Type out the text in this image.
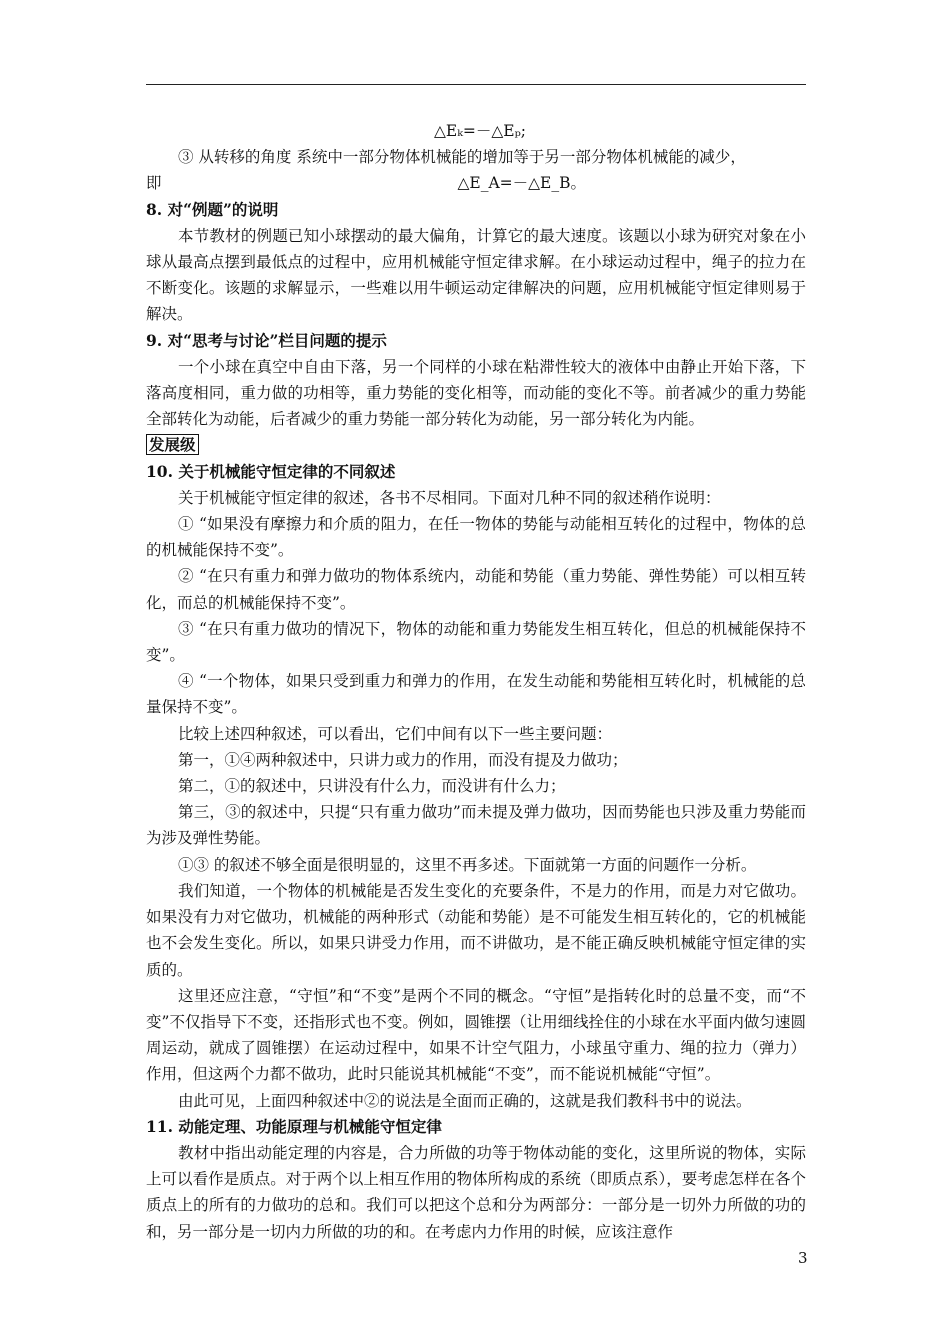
△Eₖ=－△Eₚ;

③ 从转移的角度 系统中一部分物体机械能的增加等于另一部分物体机械能的减少，

即	△E_A=－△E_B。

8. 对“例题”的说明

本节教材的例题已知小球摆动的最大偏角，计算它的最大速度。该题以小球为研究对象在小球从最高点摆到最低点的过程中，应用机械能守恒定律求解。在小球运动过程中，绳子的拉力在不断变化。该题的求解显示，一些难以用牛顿运动定律解决的问题，应用机械能守恒定律则易于解决。

9. 对“思考与讨论”栏目问题的提示

一个小球在真空中自由下落，另一个同样的小球在粘滞性较大的液体中由静止开始下落，下落高度相同，重力做的功相等，重力势能的变化相等，而动能的变化不等。前者减少的重力势能全部转化为动能，后者减少的重力势能一部分转化为动能，另一部分转化为内能。

发展级

10. 关于机械能守恒定律的不同叙述

关于机械能守恒定律的叙述，各书不尽相同。下面对几种不同的叙述稍作说明：

① “如果没有摩擦力和介质的阻力，在任一物体的势能与动能相互转化的过程中，物体的总的机械能保持不变”。

② “在只有重力和弹力做功的物体系统内，动能和势能（重力势能、弹性势能）可以相互转化，而总的机械能保持不变”。

③ “在只有重力做功的情况下，物体的动能和重力势能发生相互转化，但总的机械能保持不变”。

④ “一个物体，如果只受到重力和弹力的作用，在发生动能和势能相互转化时，机械能的总量保持不变”。

比较上述四种叙述，可以看出，它们中间有以下一些主要问题：

第一，①④两种叙述中，只讲力或力的作用，而没有提及力做功；

第二，①的叙述中，只讲没有什么力，而没讲有什么力；

第三，③的叙述中，只提“只有重力做功”而未提及弹力做功，因而势能也只涉及重力势能而为涉及弹性势能。

①③ 的叙述不够全面是很明显的，这里不再多述。下面就第一方面的问题作一分析。

我们知道，一个物体的机械能是否发生变化的充要条件，不是力的作用，而是力对它做功。如果没有力对它做功，机械能的两种形式（动能和势能）是不可能发生相互转化的，它的机械能也不会发生变化。所以，如果只讲受力作用，而不讲做功，是不能正确反映机械能守恒定律的实质的。

这里还应注意，“守恒”和“不变”是两个不同的概念。“守恒”是指转化时的总量不变，而“不变”不仅指导下不变，还指形式也不变。例如，圆锥摆（让用细线拴住的小球在水平面内做匀速圆周运动，就成了圆锥摆）在运动过程中，如果不计空气阻力，小球虽守重力、绳的拉力（弹力）作用，但这两个力都不做功，此时只能说其机械能“不变”，而不能说机械能“守恒”。

由此可见，上面四种叙述中②的说法是全面而正确的，这就是我们教科书中的说法。

11. 动能定理、功能原理与机械能守恒定律

教材中指出动能定理的内容是，合力所做的功等于物体动能的变化，这里所说的物体，实际上可以看作是质点。对于两个以上相互作用的物体所构成的系统（即质点系），要考虑怎样在各个质点上的所有的力做功的总和。我们可以把这个总和分为两部分：一部分是一切外力所做的功的和，另一部分是一切内力所做的功的和。在考虑内力作用的时候，应该注意作

3
